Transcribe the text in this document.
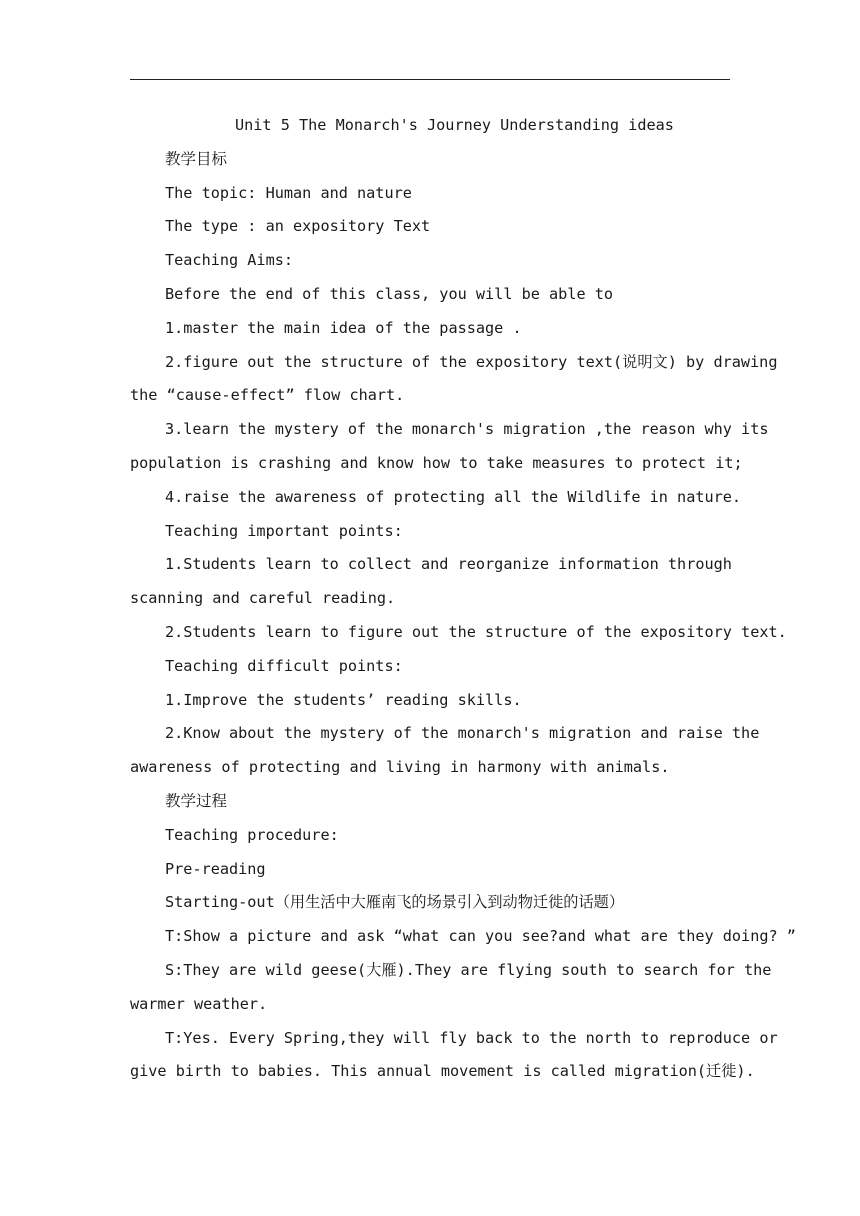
Unit 5 The Monarch's Journey Understanding ideas
教学目标
The topic: Human and nature
The type : an expository Text
Teaching Aims:
Before the end of this class, you will be able to
1.master the main idea of the passage .
2.figure out the structure of the expository text(说明文) by drawing
the “cause-effect” flow chart.
3.learn the mystery of the monarch's migration ,the reason why its
population is crashing and know how to take measures to protect it;
4.raise the awareness of protecting all the Wildlife in nature.
Teaching important points:
1.Students learn to collect and reorganize information through
scanning and careful reading.
2.Students learn to figure out the structure of the expository text.
Teaching difficult points:
1.Improve the students’ reading skills.
2.Know about the mystery of the monarch's migration and raise the
awareness of protecting and living in harmony with animals.
教学过程
Teaching procedure:
Pre-reading
Starting-out（用生活中大雁南飞的场景引入到动物迁徙的话题）
T:Show a picture and ask “what can you see?and what are they doing? ”
S:They are wild geese(大雁).They are flying south to search for the
warmer weather.
T:Yes. Every Spring,they will fly back to the north to reproduce or
give birth to babies. This annual movement is called migration(迁徙).
